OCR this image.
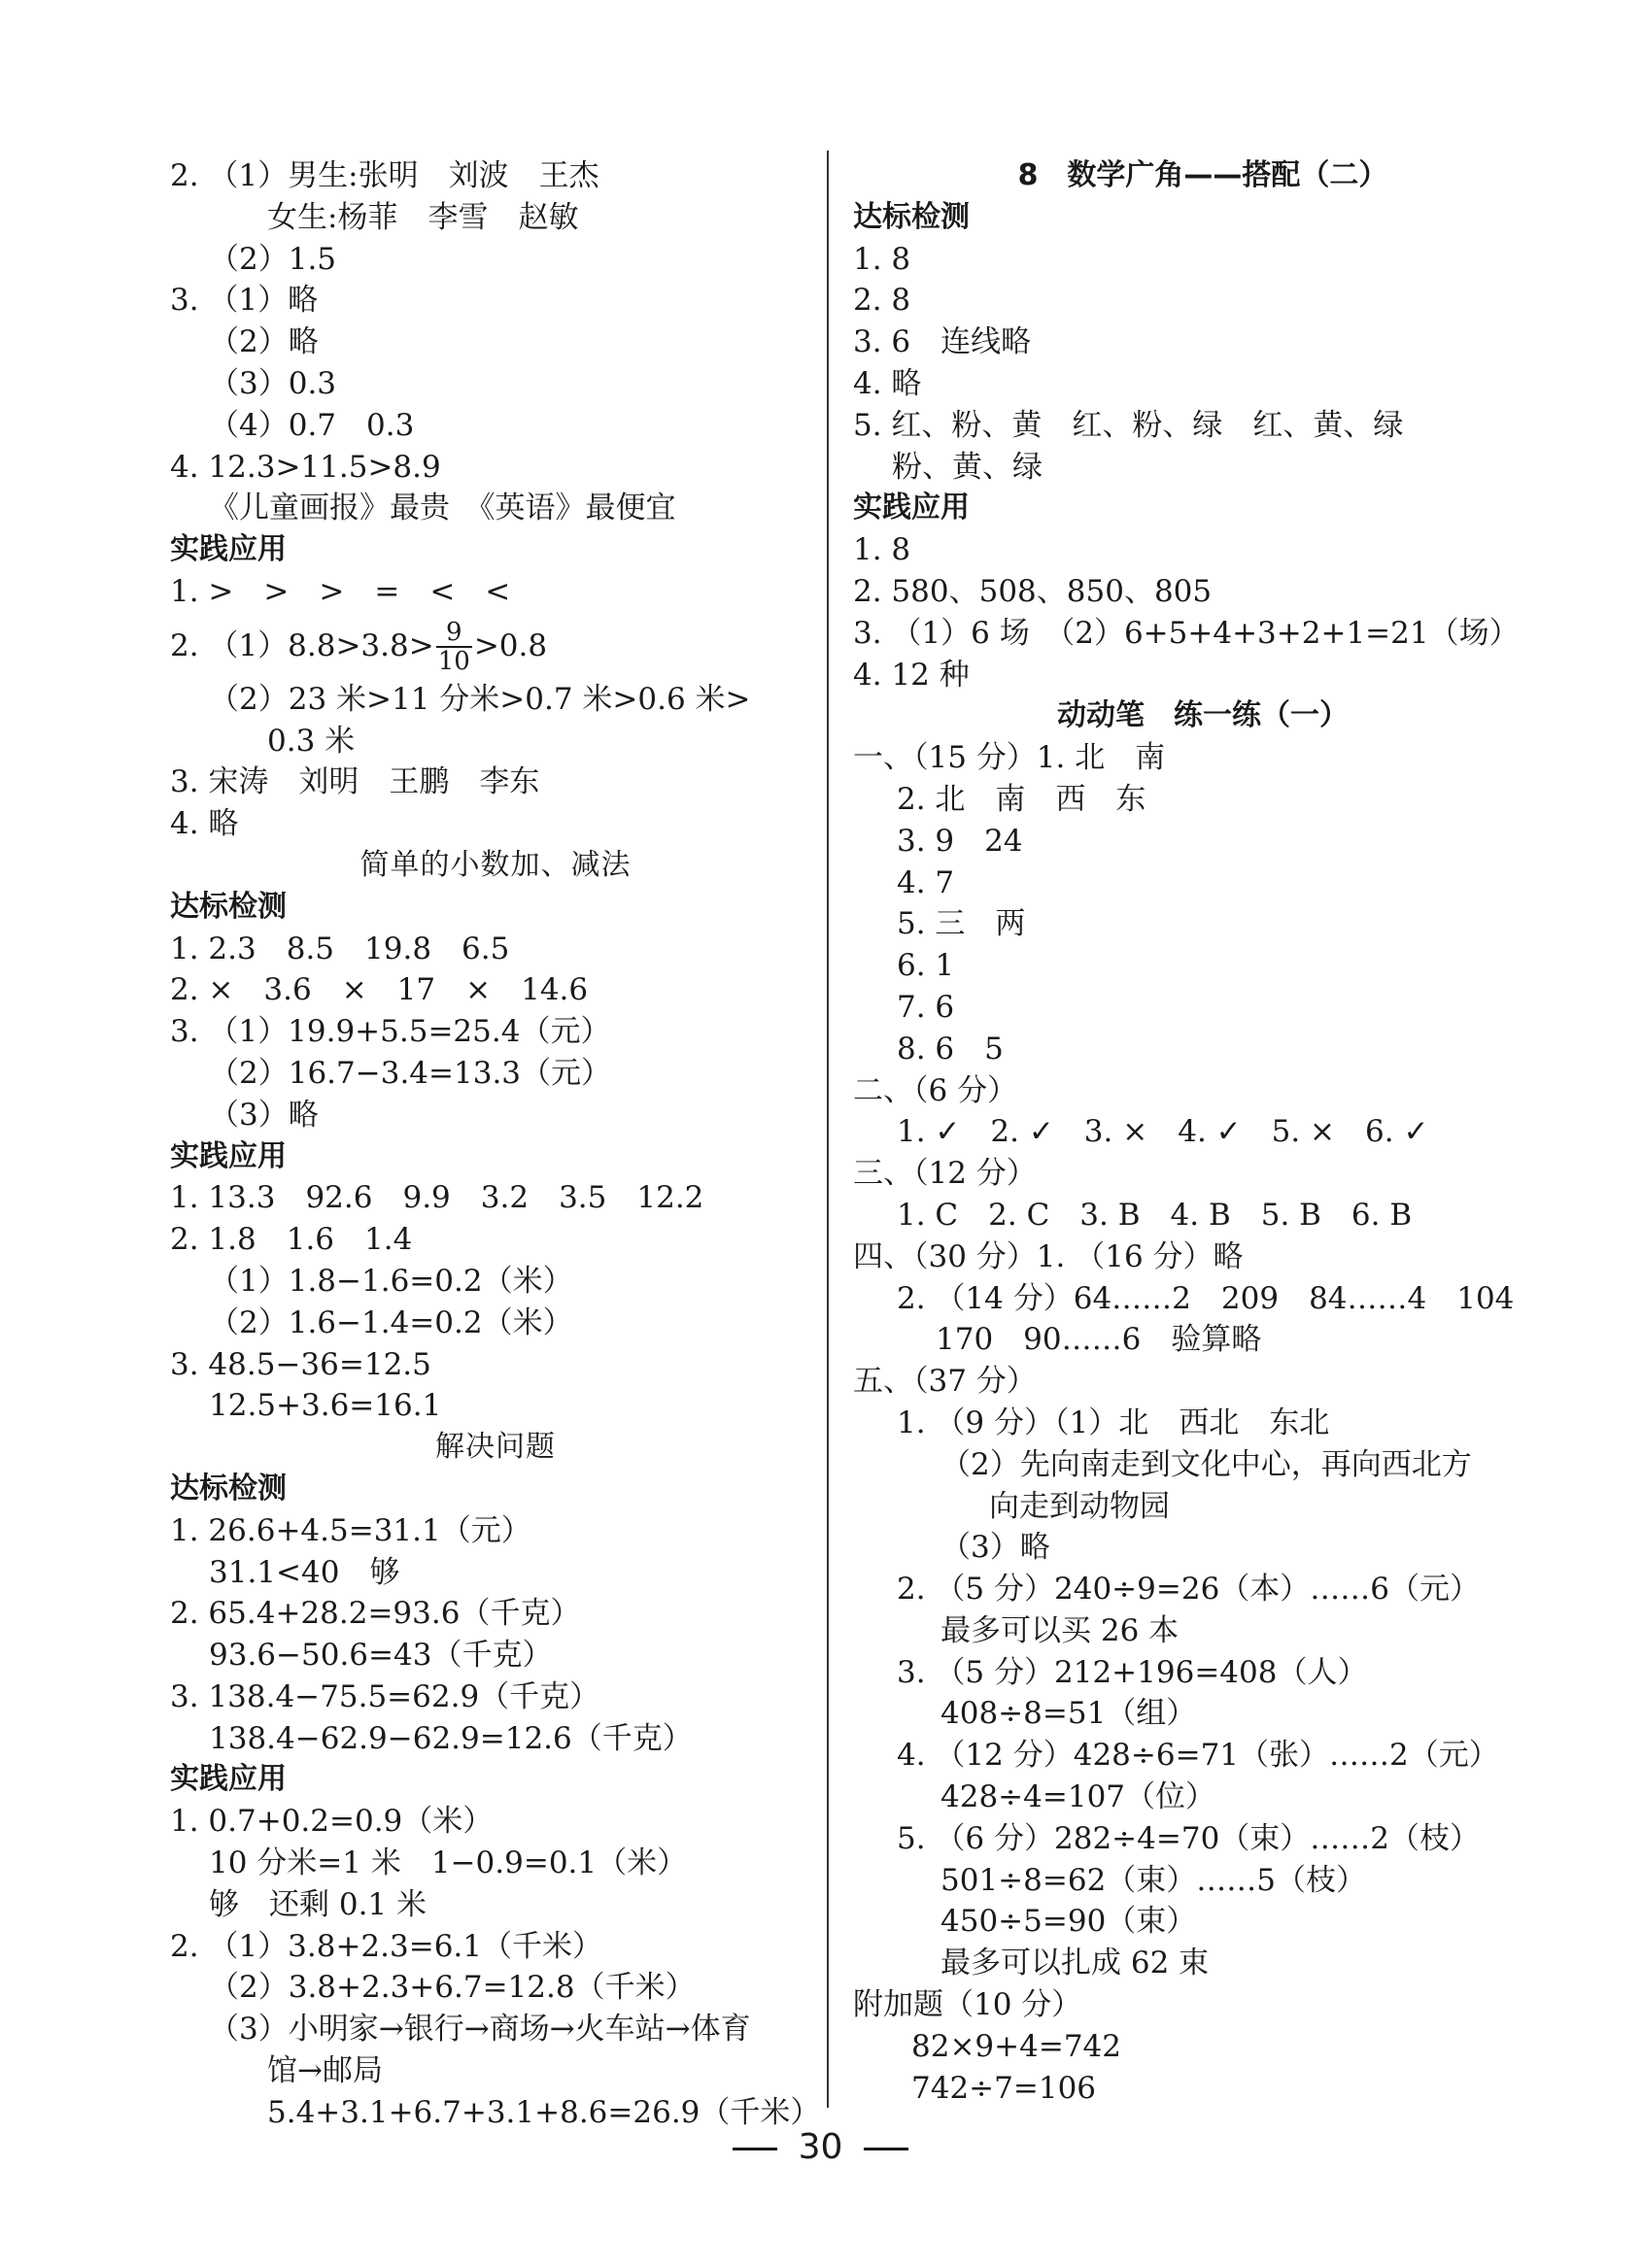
2. （1）男生:张明　刘波　王杰
女生:杨菲　李雪　赵敏
（2）1.5
3. （1）略
（2）略
（3）0.3
（4）0.7　0.3
4. 12.3>11.5>8.9
《儿童画报》最贵　《英语》最便宜
实践应用
1. >　>　>　=　<　<
2. $(1)8.8>3.8> \frac{9}{10} >0.8$
（2）23 米>11 分米>0.7 米>0.6 米>
0.3 米
3. 宋涛　刘明　王鹏　李东
4. 略
简单的小数加、减法
达标检测
1. 2.3　8.5　19.8　6.5
2. ×　3.6　×　17　×　14.6
3. （1）19.9+5.5=25.4（元）
（2）16.7−3.4=13.3（元）
（3）略
实践应用
1. 13.3　92.6　9.9　3.2　3.5　12.2
2. 1.8　1.6　1.4
（1）1.8−1.6=0.2（米）
（2）1.6−1.4=0.2（米）
3. 48.5−36=12.5
12.5+3.6=16.1
解决问题
达标检测
1. 26.6+4.5=31.1（元）
31.1<40　够
2. 65.4+28.2=93.6（千克）
93.6−50.6=43（千克）
3. 138.4−75.5=62.9（千克）
138.4−62.9−62.9=12.6（千克）
实践应用
1. 0.7+0.2=0.9（米）
10 分米=1 米　1−0.9=0.1（米）
够　还剩 0.1 米
2. （1）3.8+2.3=6.1（千米）
（2）3.8+2.3+6.7=12.8（千米）
（3）小明家→银行→商场→火车站→体育
馆→邮局
5.4+3.1+6.7+3.1+8.6=26.9（千米）
8　数学广角——搭配（二）
达标检测
1. 8
2. 8
3. 6　连线略
4. 略
5. 红、粉、黄　红、粉、绿　红、黄、绿
粉、黄、绿
实践应用
1. 8
2. 580、508、850、805
3. （1）6 场　（2）6+5+4+3+2+1=21（场）
4. 12 种
动动笔　练一练（一）
一、（15 分）1. 北　南
2. 北　南　西　东
3. 9　24
4. 7
5. 三　两
6. 1
7. 6
8. 6　5
二、（6 分）
1. ✓　2. ✓　3. ×　4. ✓　5. ×　6. ✓
三、（12 分）
1. C　2. C　3. B　4. B　5. B　6. B
四、（30 分）1. （16 分）略
2. （14 分）64……2　209　84……4　104
170　90……6　验算略
五、（37 分）
1. （9 分）（1）北　西北　东北
（2）先向南走到文化中心，再向西北方
向走到动物园
（3）略
2. （5 分）240÷9=26（本）……6（元）
最多可以买 26 本
3. （5 分）212+196=408（人）
408÷8=51（组）
4. （12 分）428÷6=71（张）……2（元）
428÷4=107（位）
5. （6 分）282÷4=70（束）……2（枝）
501÷8=62（束）……5（枝）
450÷5=90（束）
最多可以扎成 62 束
附加题（10 分）
82×9+4=742
742÷7=106
30
